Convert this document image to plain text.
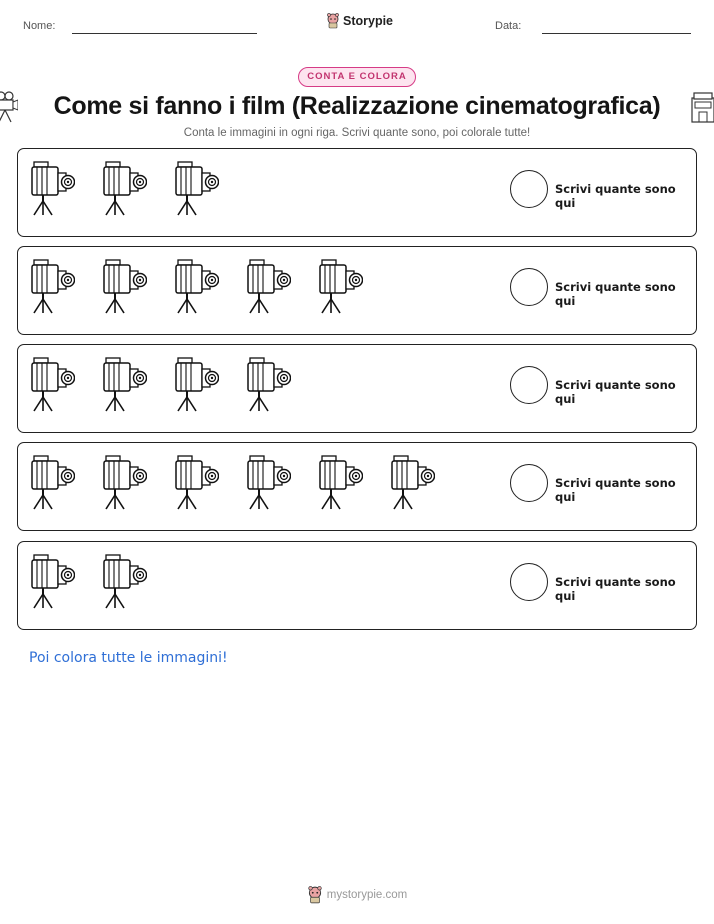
Nome:	Storypie	Data:
CONTA E COLORA
Come si fanno i film (Realizzazione cinematografica)
Conta le immagini in ogni riga. Scrivi quante sono, poi colorale tutte!
Scrivi quante sono qui
Scrivi quante sono qui
Scrivi quante sono qui
Scrivi quante sono qui
Scrivi quante sono qui
Poi colora tutte le immagini!
mystorypie.com
